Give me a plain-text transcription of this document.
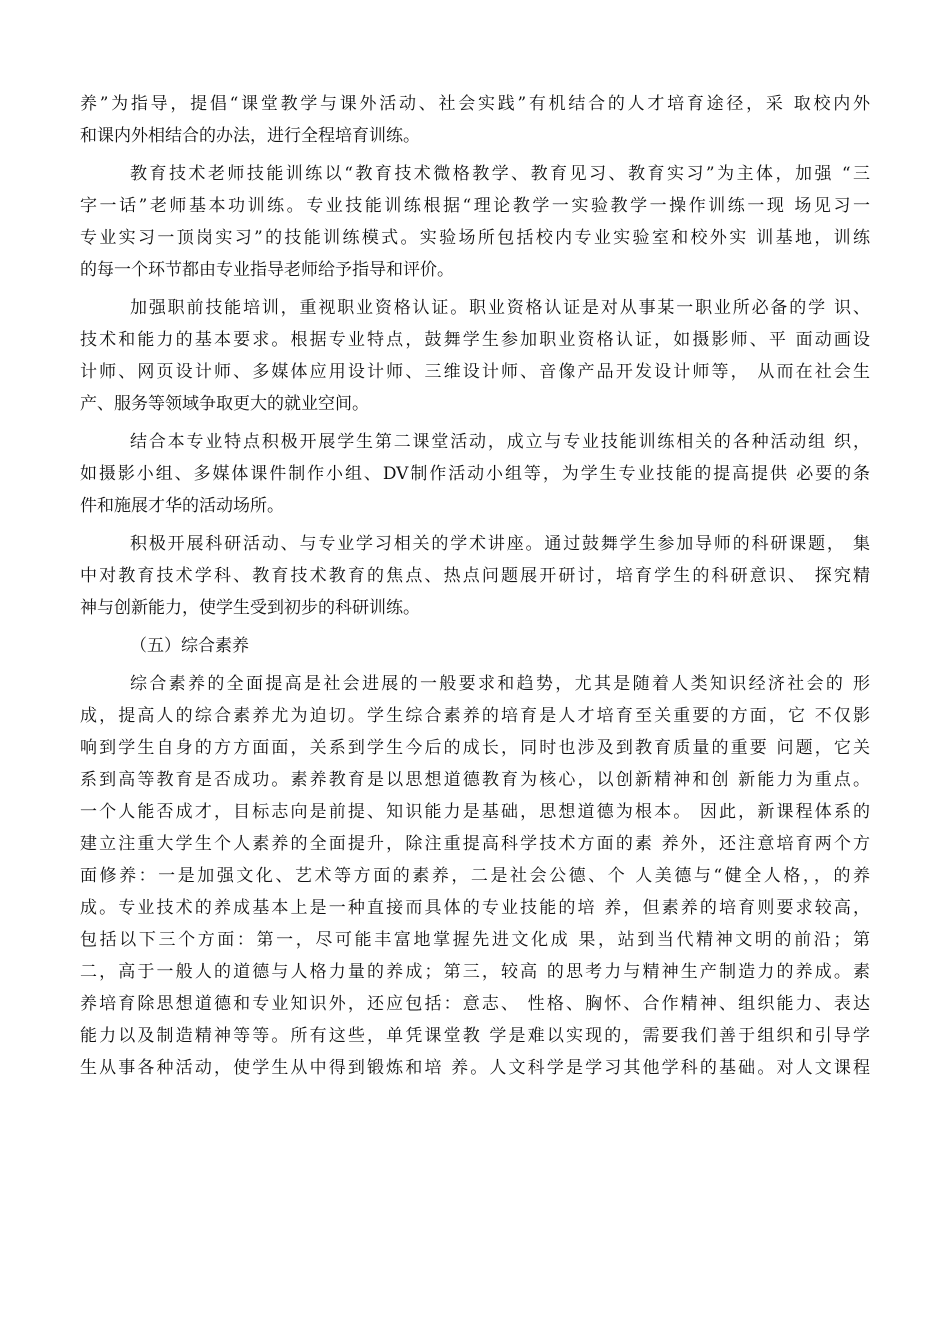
养”为指导，提倡“课堂教学与课外活动、社会实践”有机结合的人才培育途径，采 取校内外
和课内外相结合的办法，进行全程培育训练。
教育技术老师技能训练以“教育技术微格教学、教育见习、教育实习”为主体，加强 “三
字一话”老师基本功训练。专业技能训练根据“理论教学一实验教学一操作训练一现 场见习一
专业实习一顶岗实习”的技能训练模式。实验场所包括校内专业实验室和校外实 训基地，训练
的每一个环节都由专业指导老师给予指导和评价。
加强职前技能培训，重视职业资格认证。职业资格认证是对从事某一职业所必备的学 识、
技术和能力的基本要求。根据专业特点，鼓舞学生参加职业资格认证，如摄影师、平 面动画设
计师、网页设计师、多媒体应用设计师、三维设计师、音像产品开发设计师等， 从而在社会生
产、服务等领域争取更大的就业空间。
结合本专业特点积极开展学生第二课堂活动，成立与专业技能训练相关的各种活动组 织，
如摄影小组、多媒体课件制作小组、DV制作活动小组等，为学生专业技能的提高提供 必要的条
件和施展才华的活动场所。
积极开展科研活动、与专业学习相关的学术讲座。通过鼓舞学生参加导师的科研课题， 集
中对教育技术学科、教育技术教育的焦点、热点问题展开研讨，培育学生的科研意识、 探究精
神与创新能力，使学生受到初步的科研训练。
（五）综合素养
综合素养的全面提高是社会进展的一般要求和趋势，尤其是随着人类知识经济社会的 形
成，提高人的综合素养尤为迫切。学生综合素养的培育是人才培育至关重要的方面，它 不仅影
响到学生自身的方方面面，关系到学生今后的成长，同时也涉及到教育质量的重要 问题，它关
系到高等教育是否成功。素养教育是以思想道德教育为核心，以创新精神和创 新能力为重点。
一个人能否成才，目标志向是前提、知识能力是基础，思想道德为根本。 因此，新课程体系的
建立注重大学生个人素养的全面提升，除注重提高科学技术方面的素 养外，还注意培育两个方
面修养：一是加强文化、艺术等方面的素养，二是社会公德、个 人美德与“健全人格，，的养
成。专业技术的养成基本上是一种直接而具体的专业技能的培 养，但素养的培育则要求较高，
包括以下三个方面：第一，尽可能丰富地掌握先进文化成 果，站到当代精神文明的前沿；第
二，高于一般人的道德与人格力量的养成；第三，较高 的思考力与精神生产制造力的养成。素
养培育除思想道德和专业知识外，还应包括：意志、 性格、胸怀、合作精神、组织能力、表达
能力以及制造精神等等。所有这些，单凭课堂教 学是难以实现的，需要我们善于组织和引导学
生从事各种活动，使学生从中得到锻炼和培 养。人文科学是学习其他学科的基础。对人文课程
